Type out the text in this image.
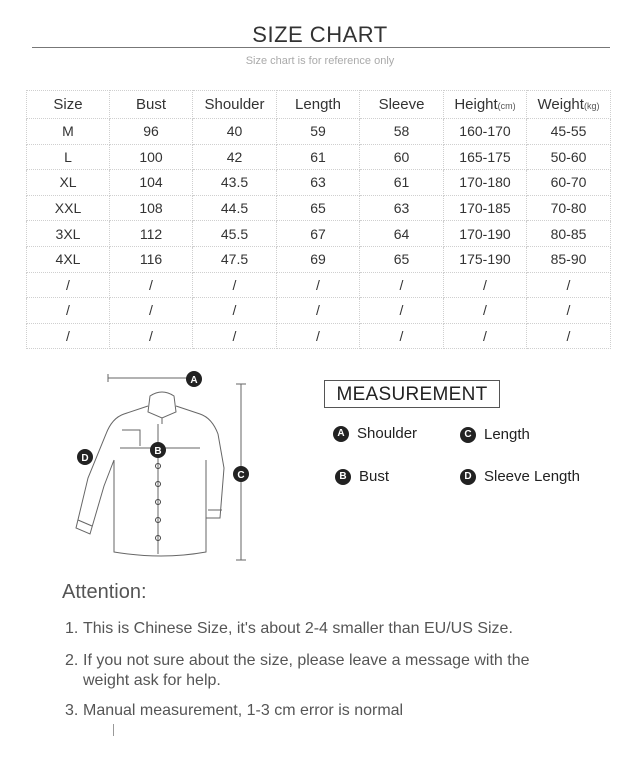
SIZE CHART
Size chart is for reference only
Size	Bust	Shoulder	Length	Sleeve	Height(cm)	Weight(kg)
M	96	40	59	58	160-170	45-55
L	100	42	61	60	165-175	50-60
XL	104	43.5	63	61	170-180	60-70
XXL	108	44.5	65	63	170-185	70-80
3XL	112	45.5	67	64	170-190	80-85
4XL	116	47.5	69	65	175-190	85-90
/	/	/	/	/	/	/
/	/	/	/	/	/	/
/	/	/	/	/	/	/
A
B
C
D
MEASUREMENT
A Shoulder	C Length
B Bust	D Sleeve Length
Attention:
1. This is Chinese Size, it's about 2-4 smaller than EU/US Size.
2. If you not sure about the size, please leave a message with the
weight ask for help.
3. Manual measurement, 1-3 cm error is normal
